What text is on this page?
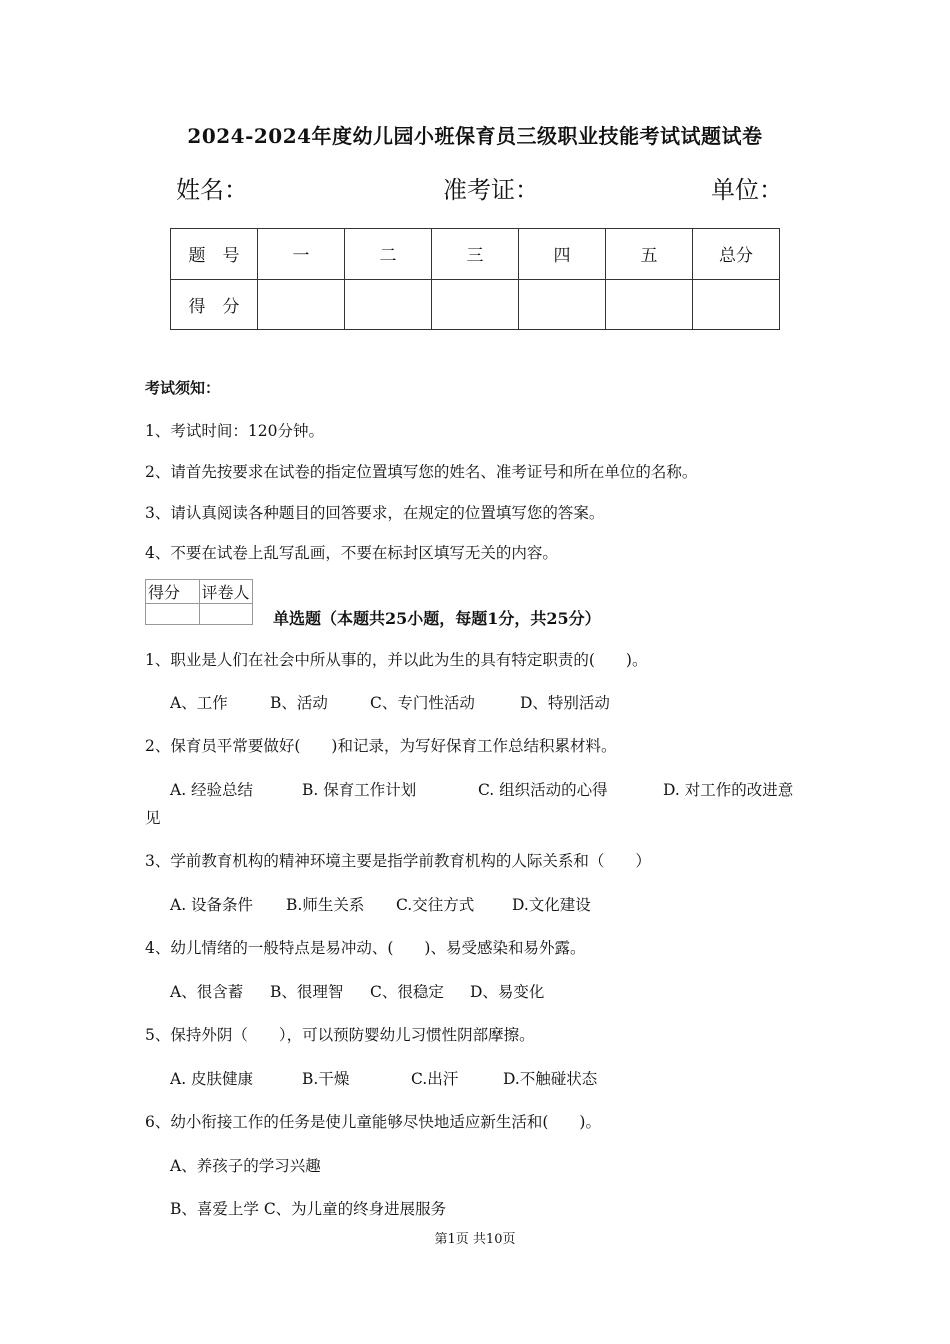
2024-2024年度幼儿园小班保育员三级职业技能考试试题试卷
姓名：	准考证：	单位：
题　号	一	二	三	四	五	总分
得　分						
考试须知：
1、考试时间：120分钟。
2、请首先按要求在试卷的指定位置填写您的姓名、准考证号和所在单位的名称。
3、请认真阅读各种题目的回答要求，在规定的位置填写您的答案。
4、不要在试卷上乱写乱画，不要在标封区填写无关的内容。
得分	评卷人

单选题（本题共25小题，每题1分，共25分）
1、职业是人们在社会中所从事的，并以此为生的具有特定职责的(　　)。
A、工作	B、活动	C、专门性活动	D、特别活动
2、保育员平常要做好(　　)和记录，为写好保育工作总结积累材料。
A. 经验总结	B. 保育工作计划	C. 组织活动的心得	D. 对工作的改进意
见
3、学前教育机构的精神环境主要是指学前教育机构的人际关系和（　　）
A. 设备条件 B.师生关系 C.交往方式 D.文化建设
4、幼儿情绪的一般特点是易冲动、(　　)、易受感染和易外露。
A、很含蓄 B、很理智 C、很稳定 D、易变化
5、保持外阴（　　），可以预防婴幼儿习惯性阴部摩擦。
A. 皮肤健康	B.干燥	C.出汗	D.不触碰状态
6、幼小衔接工作的任务是使儿童能够尽快地适应新生活和(　　)。
A、养孩子的学习兴趣
B、喜爱上学 C、为儿童的终身进展服务
第1页 共10页
